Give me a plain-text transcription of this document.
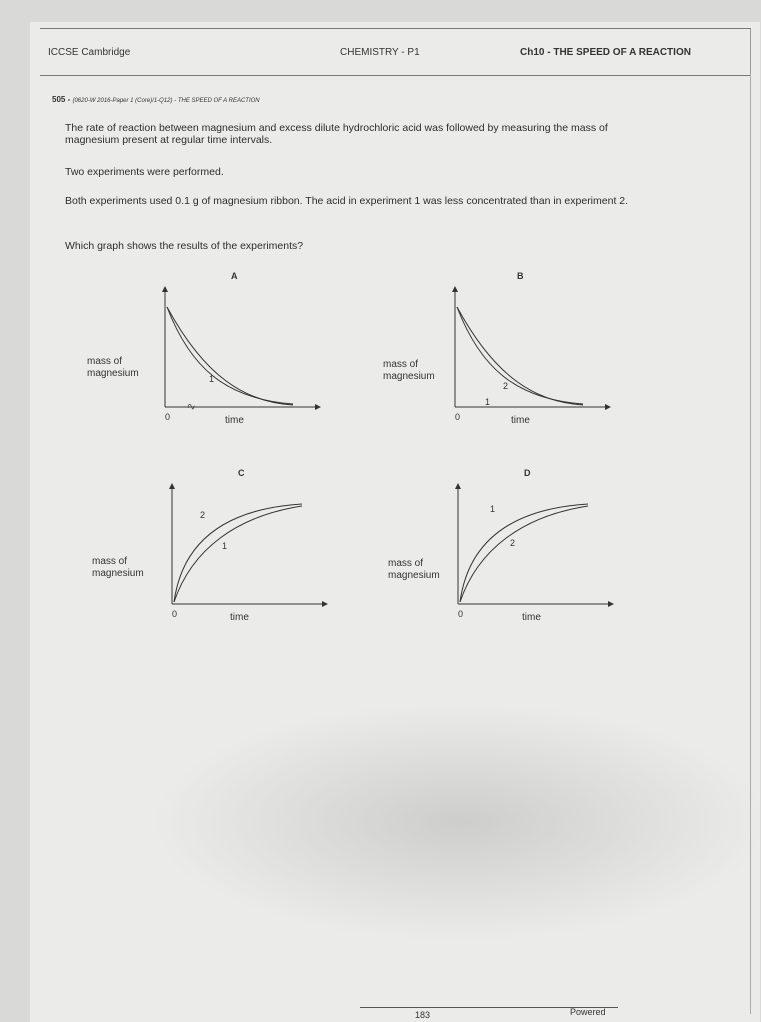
ICCSE Cambridge	CHEMISTRY - P1	Ch10 - THE SPEED OF A REACTION
505 - (0620-W 2016-Paper 1 (Core)/1-Q12) - THE SPEED OF A REACTION
The rate of reaction between magnesium and excess dilute hydrochloric acid was followed by measuring the mass of magnesium present at regular time intervals.
Two experiments were performed.
Both experiments used 0.1 g of magnesium ribbon. The acid in experiment 1 was less concentrated than in experiment 2.
Which graph shows the results of the experiments?
A
1
2
mass of
magnesium
time
0
B
2
1
mass of
magnesium
time
0
C
2
1
mass of
magnesium
time
0
D
1
2
mass of
magnesium
time
0
183	Powered
